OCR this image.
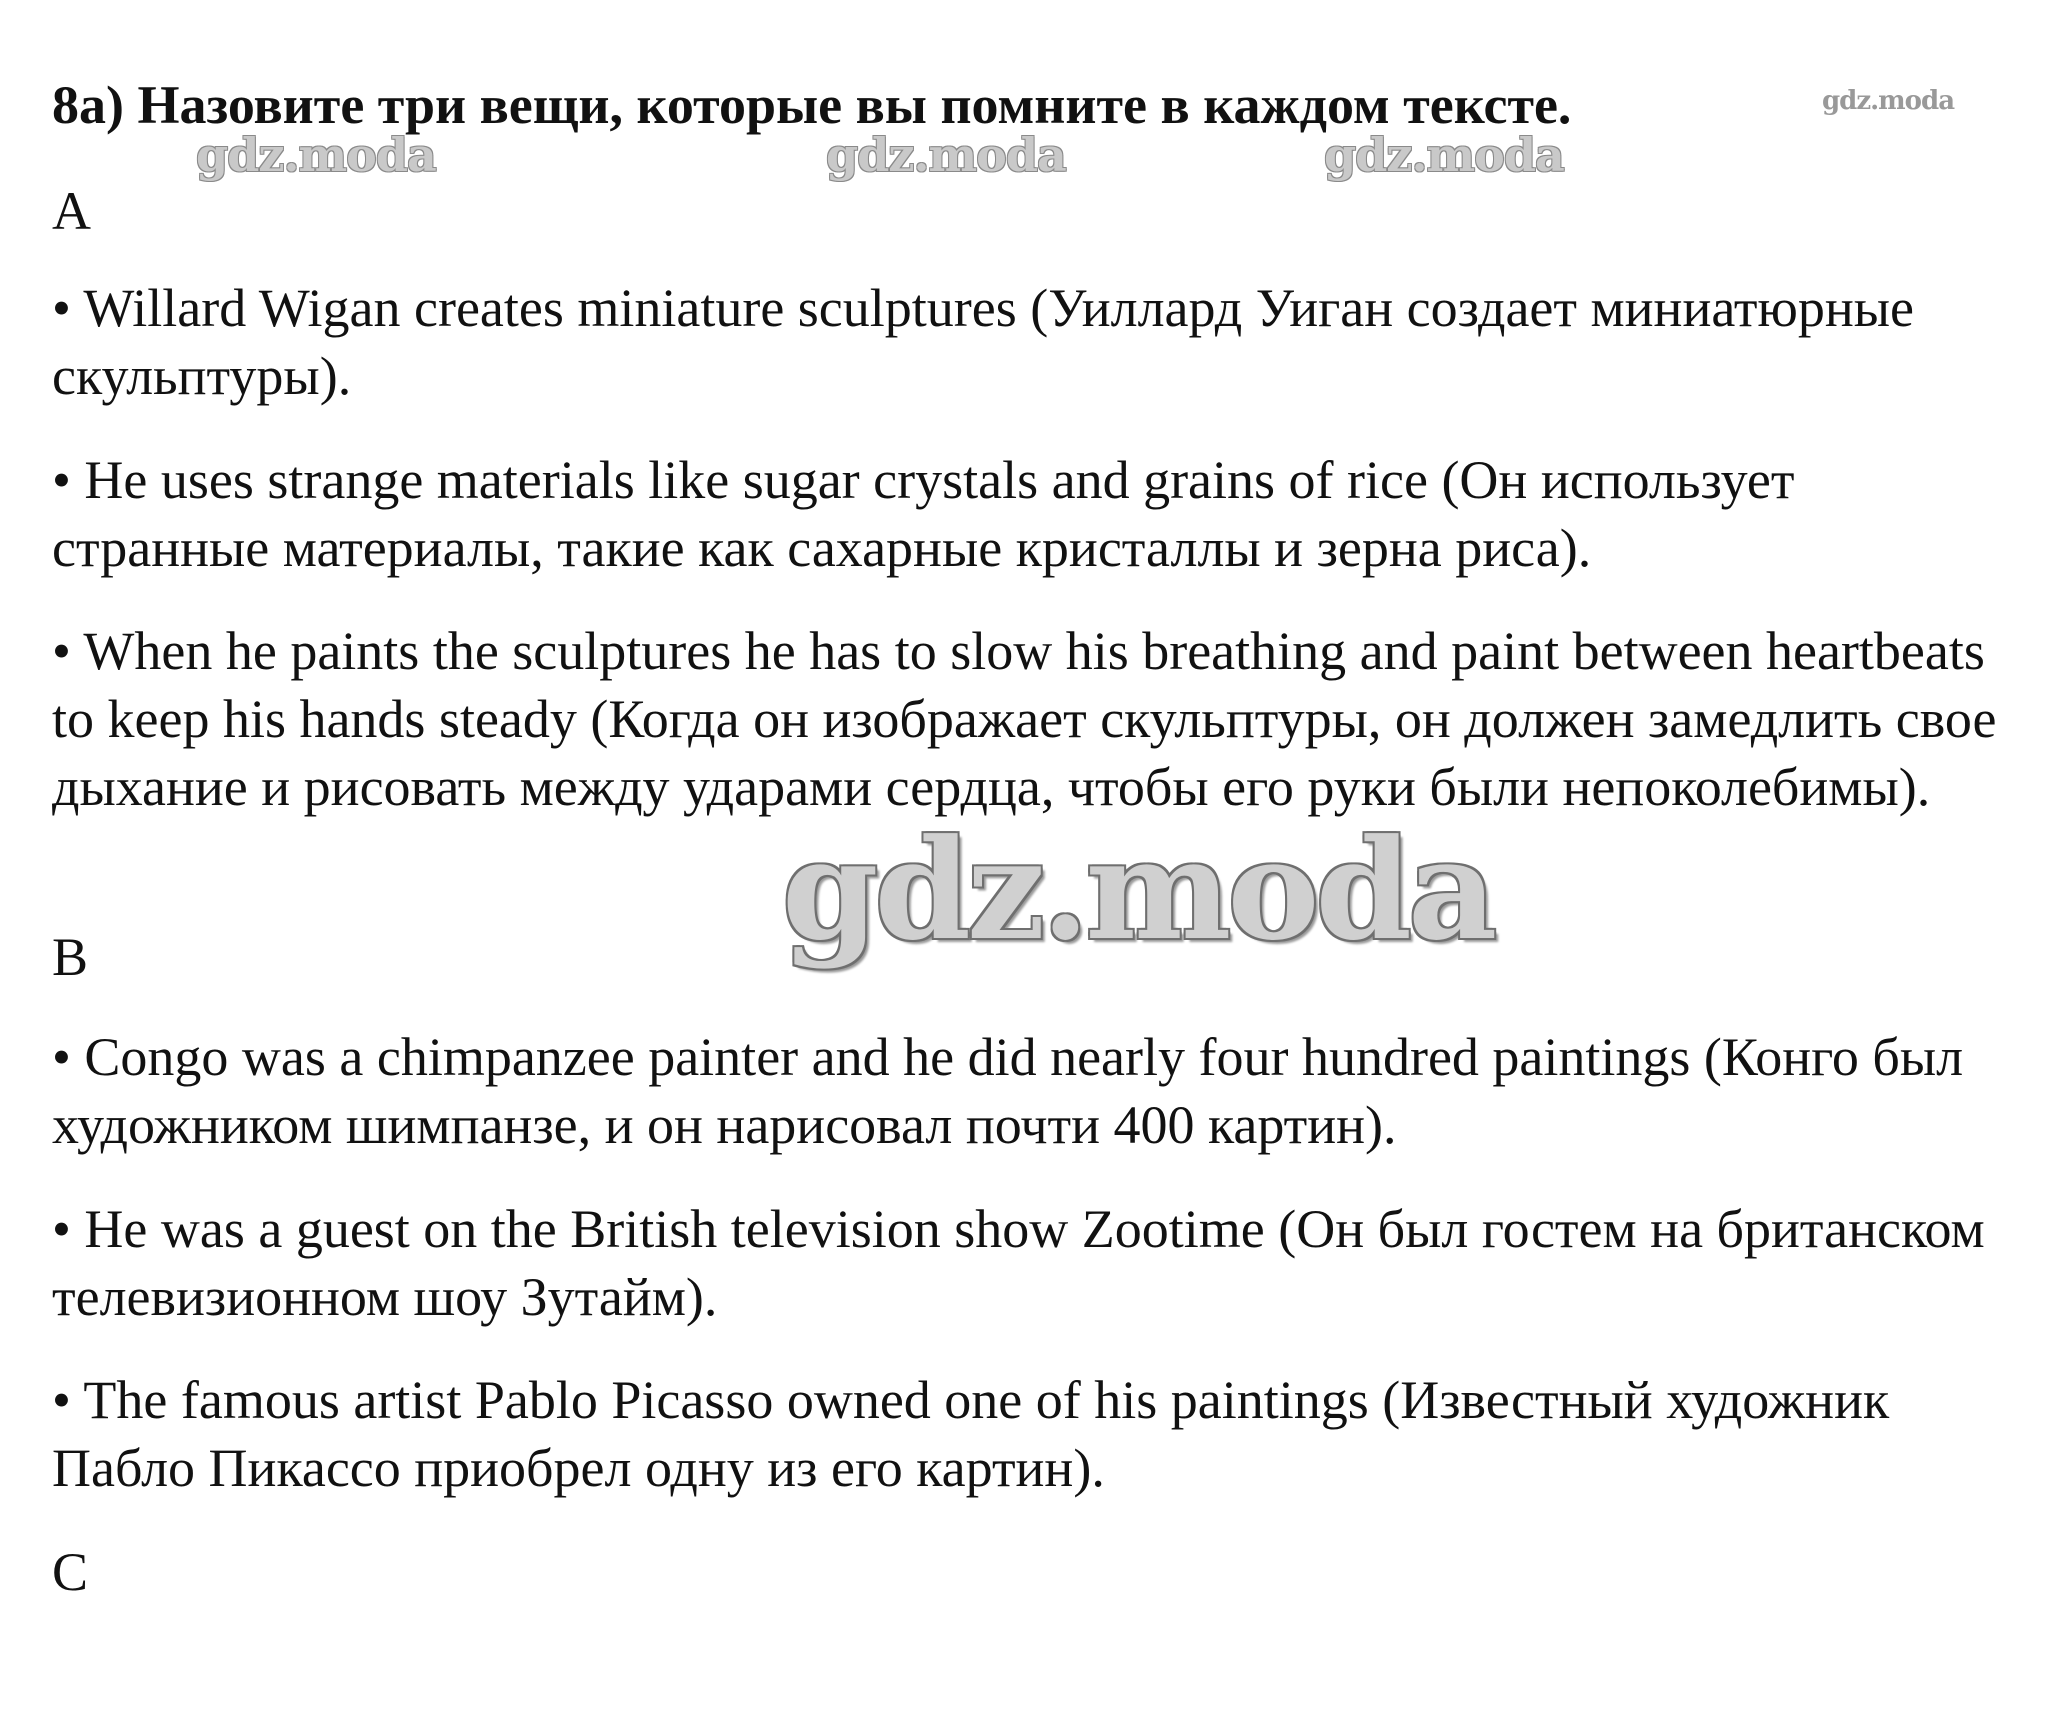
8a) Назовите три вещи, которые вы помните в каждом тексте.	gdz.moda
gdz.moda	gdz.moda	gdz.moda
A
• Willard Wigan creates miniature sculptures (Уиллард Уиган создает миниатюрные скульптуры).
• He uses strange materials like sugar crystals and grains of rice (Он использует странные материалы, такие как сахарные кристаллы и зерна риса).
• When he paints the sculptures he has to slow his breathing and paint between heartbeats to keep his hands steady (Когда он изображает скульптуры, он должен замедлить свое дыхание и рисовать между ударами сердца, чтобы его руки были непоколебимы).
gdz.moda
B
• Congo was a chimpanzee painter and he did nearly four hundred paintings (Конго был художником шимпанзе, и он нарисовал почти 400 картин).
• He was a guest on the British television show Zootime (Он был гостем на британском телевизионном шоу Зутайм).
• The famous artist Pablo Picasso owned one of his paintings (Известный художник Пабло Пикассо приобрел одну из его картин).
C
